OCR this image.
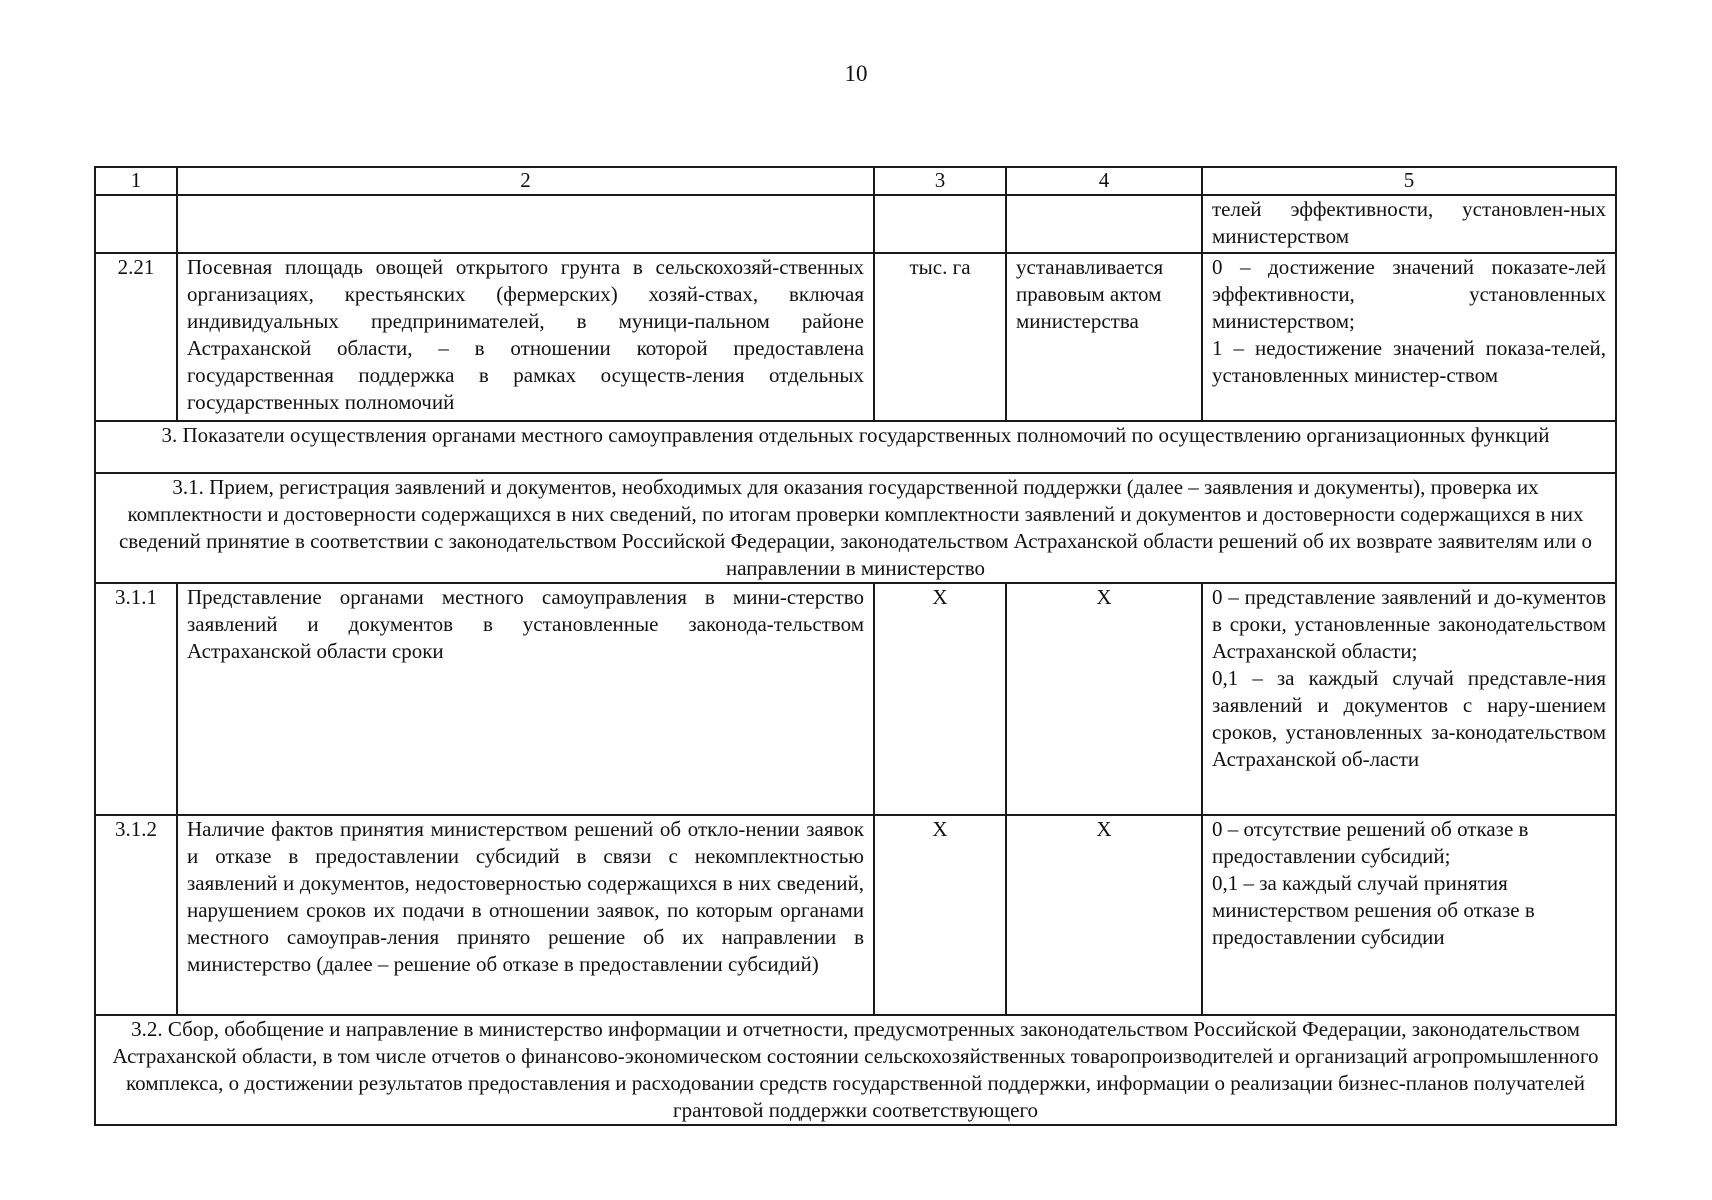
10
1	2	3	4	5
				телей эффективности, установлен-ных министерством
2.21	Посевная площадь овощей открытого грунта в сельскохозяй-ственных организациях, крестьянских (фермерских) хозяй-ствах, включая индивидуальных предпринимателей, в муници-пальном районе Астраханской области, – в отношении которой предоставлена государственная поддержка в рамках осуществ-ления отдельных государственных полномочий	тыс. га	устанавливается правовым актом министерства	0 – достижение значений показате-лей эффективности, установленных министерством;
1 – недостижение значений показа-телей, установленных министер-ством

3. Показатели осуществления органами местного самоуправления отдельных государственных полномочий по осуществлению организационных функций				
3.1. Прием, регистрация заявлений и документов, необходимых для оказания государственной поддержки (далее – заявления и документы), проверка их комплектности и достоверности содержащихся в них сведений, по итогам проверки комплектности заявлений и документов и достоверности содержащихся в них сведений принятие в соответствии с законодательством Российской Федерации, законодательством Астраханской области решений об их возврате заявителям или о направлении в министерство				
3.1.1	Представление органами местного самоуправления в мини-стерство заявлений и документов в установленные законода-тельством Астраханской области сроки	X	X	0 – представление заявлений и до-кументов в сроки, установленные законодательством Астраханской области;
0,1 – за каждый случай представле-ния заявлений и документов с нару-шением сроков, установленных за-конодательством Астраханской об-ласти

3.1.2	Наличие фактов принятия министерством решений об откло-нении заявок и отказе в предоставлении субсидий в связи с некомплектностью заявлений и документов, недостоверностью содержащихся в них сведений, нарушением сроков их подачи в отношении заявок, по которым органами местного самоуправ-ления принято решение об их направлении в министерство (далее – решение об отказе в предоставлении субсидий)	X	X	0 – отсутствие решений об отказе в предоставлении субсидий;
0,1 – за каждый случай принятия министерством решения об отказе в предоставлении субсидии

3.2. Сбор, обобщение и направление в министерство информации и отчетности, предусмотренных законодательством Российской Федерации, законодательством Астраханской области, в том числе отчетов о финансово-экономическом состоянии сельскохозяйственных товаропроизводителей и организаций агропромышленного комплекса, о достижении результатов предоставления и расходовании средств государственной поддержки, информации о реализации бизнес-планов получателей грантовой поддержки соответствующего				
